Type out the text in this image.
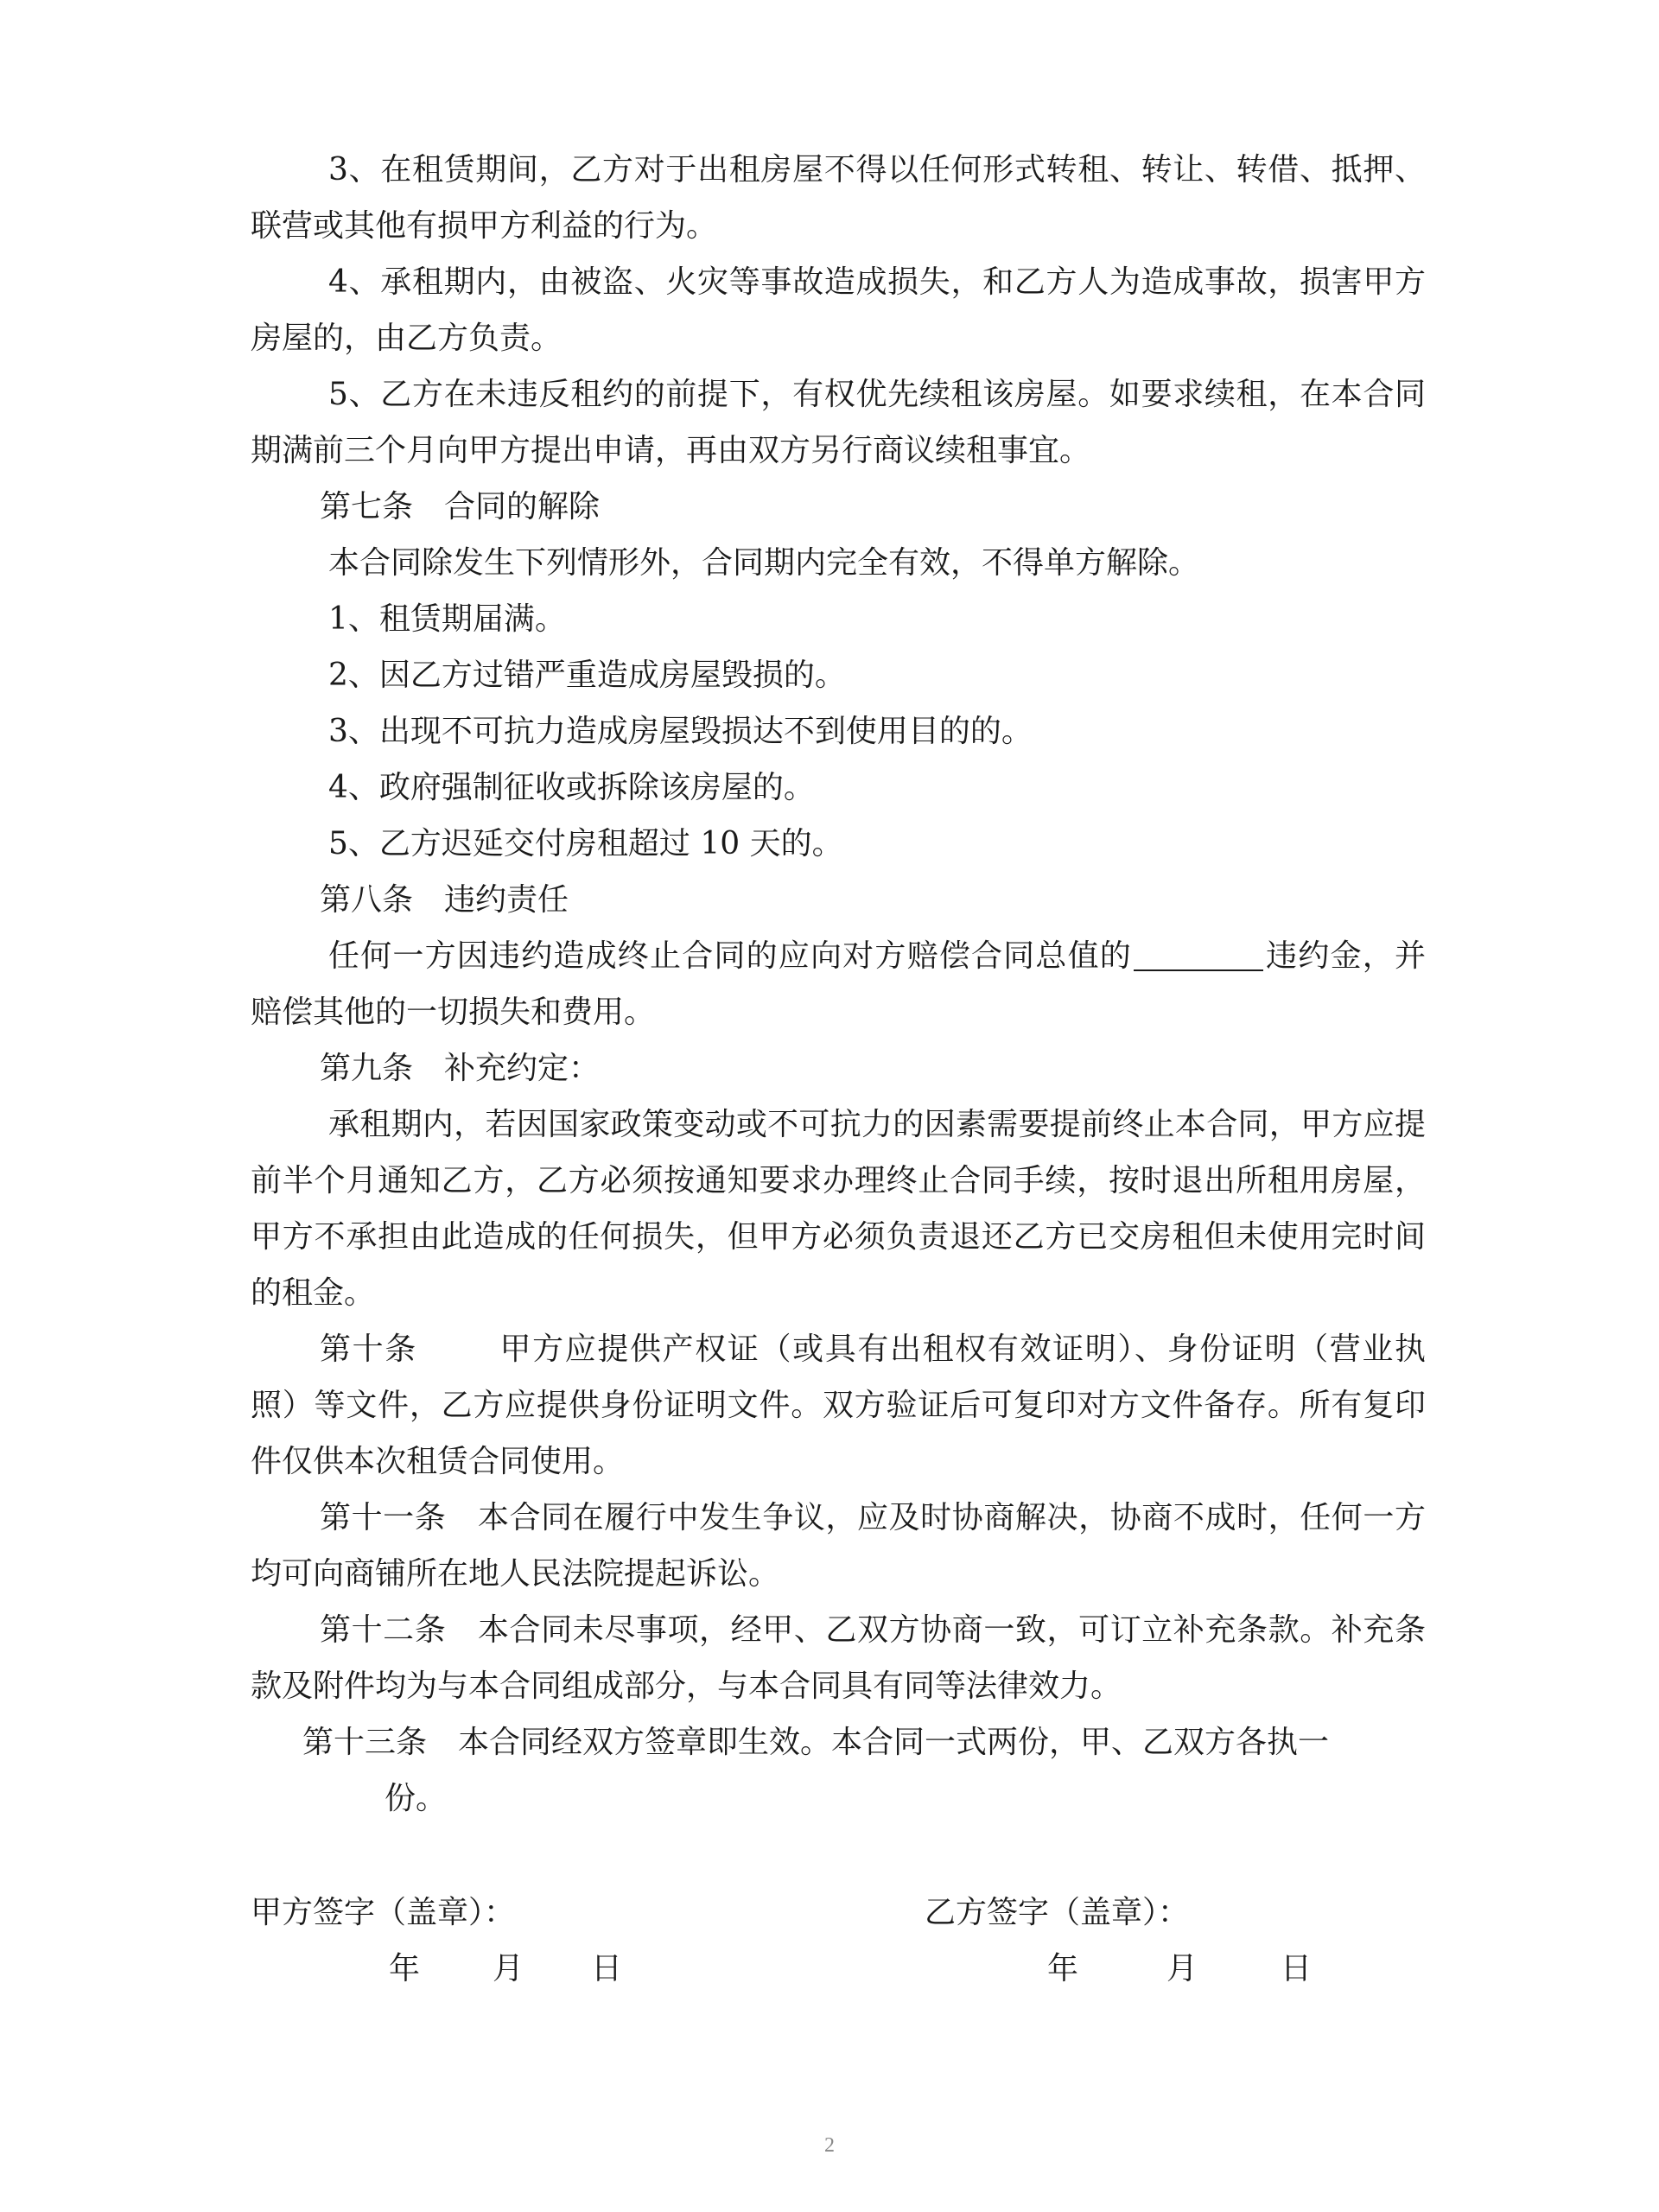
3、在租赁期间，乙方对于出租房屋不得以任何形式转租、转让、转借、抵押、联营或其他有损甲方利益的行为。

4、承租期内，由被盗、火灾等事故造成损失，和乙方人为造成事故，损害甲方房屋的，由乙方负责。

5、乙方在未违反租约的前提下，有权优先续租该房屋。如要求续租，在本合同期满前三个月向甲方提出申请，再由双方另行商议续租事宜。

第七条　合同的解除

本合同除发生下列情形外，合同期内完全有效，不得单方解除。

1、租赁期届满。

2、因乙方过错严重造成房屋毁损的。

3、出现不可抗力造成房屋毁损达不到使用目的的。

4、政府强制征收或拆除该房屋的。

5、乙方迟延交付房租超过 10 天的。

第八条　违约责任

任何一方因违约造成终止合同的应向对方赔偿合同总值的	违约金，并赔偿其他的一切损失和费用。

第九条　补充约定：

承租期内，若因国家政策变动或不可抗力的因素需要提前终止本合同，甲方应提前半个月通知乙方，乙方必须按通知要求办理终止合同手续，按时退出所租用房屋，甲方不承担由此造成的任何损失，但甲方必须负责退还乙方已交房租但未使用完时间的租金。

第十条	甲方应提供产权证（或具有出租权有效证明）、身份证明（营业执照）等文件，乙方应提供身份证明文件。双方验证后可复印对方文件备存。所有复印件仅供本次租赁合同使用。

第十一条　 本合同在履行中发生争议，应及时协商解决，协商不成时，任何一方均可向商铺所在地人民法院提起诉讼。

第十二条　 本合同未尽事项，经甲、乙双方协商一致，可订立补充条款。补充条款及附件均为与本合同组成部分，与本合同具有同等法律效力。

第十三条　 本合同经双方签章即生效。本合同一式两份，甲、乙双方各执一
份。

甲方签字（盖章）：	乙方签字（盖章）：
年 月 日	年	月	日
2
